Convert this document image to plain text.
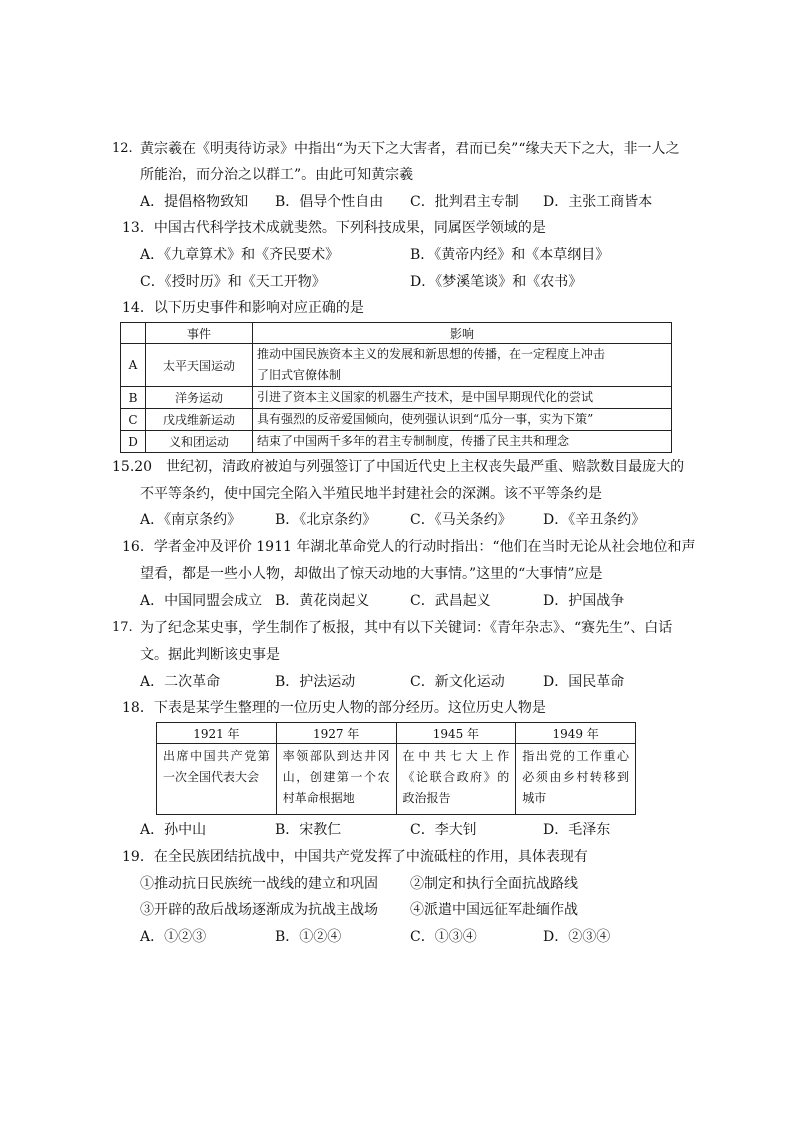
12. 黄宗羲在《明夷待访录》中指出“为天下之大害者，君而已矣”“缘夫天下之大，非一人之
所能治，而分治之以群工”。由此可知黄宗羲
A．提倡格物致知 B．倡导个性自由 C．批判君主专制 D．主张工商皆本
13．中国古代科学技术成就斐然。下列科技成果，同属医学领域的是
A．《九章算术》和《齐民要术》	B．《黄帝内经》和《本草纲目》
C．《授时历》和《天工开物》	D．《梦溪笔谈》和《农书》
14．以下历史事件和影响对应正确的是
	事件	影响
A	太平天国运动	推动中国民族资本主义的发展和新思想的传播，在一定程度上冲击
了旧式官僚体制

B	洋务运动	引进了资本主义国家的机器生产技术，是中国早期现代化的尝试
C	戊戌维新运动	具有强烈的反帝爱国倾向，使列强认识到“瓜分一事，实为下策”
D	义和团运动	结束了中国两千多年的君主专制制度，传播了民主共和理念
15.20　世纪初，清政府被迫与列强签订了中国近代史上主权丧失最严重、赔款数目最庞大的
不平等条约，使中国完全陷入半殖民地半封建社会的深渊。该不平等条约是
A．《南京条约》 B．《北京条约》 C．《马关条约》 D．《辛丑条约》
16．学者金冲及评价 1911 年湖北革命党人的行动时指出：“他们在当时无论从社会地位和声
望看，都是一些小人物，却做出了惊天动地的大事情。”这里的“大事情”应是
A．中国同盟会成立 B．黄花岗起义	C．武昌起义	D．护国战争
17. 为了纪念某史事，学生制作了板报，其中有以下关键词：《青年杂志》、“赛先生”、白话
文。据此判断该史事是
A．二次革命	B．护法运动	C．新文化运动	D．国民革命
18．下表是某学生整理的一位历史人物的部分经历。这位历史人物是
1921 年	1927 年	1945 年	1949 年
出席中国共产党第一次全国代表大会	率领部队到达井冈山，创建第一个农村革命根据地	在中共七大上作《论联合政府》的政治报告	指出党的工作重心必须由乡村转移到城市
A．孙中山	B．宋教仁	C．李大钊	D．毛泽东
19．在全民族团结抗战中，中国共产党发挥了中流砥柱的作用，具体表现有
①推动抗日民族统一战线的建立和巩固 ②制定和执行全面抗战路线
③开辟的敌后战场逐渐成为抗战主战场 ④派遣中国远征军赴缅作战
A．①②③	B．①②④	C．①③④	D．②③④
